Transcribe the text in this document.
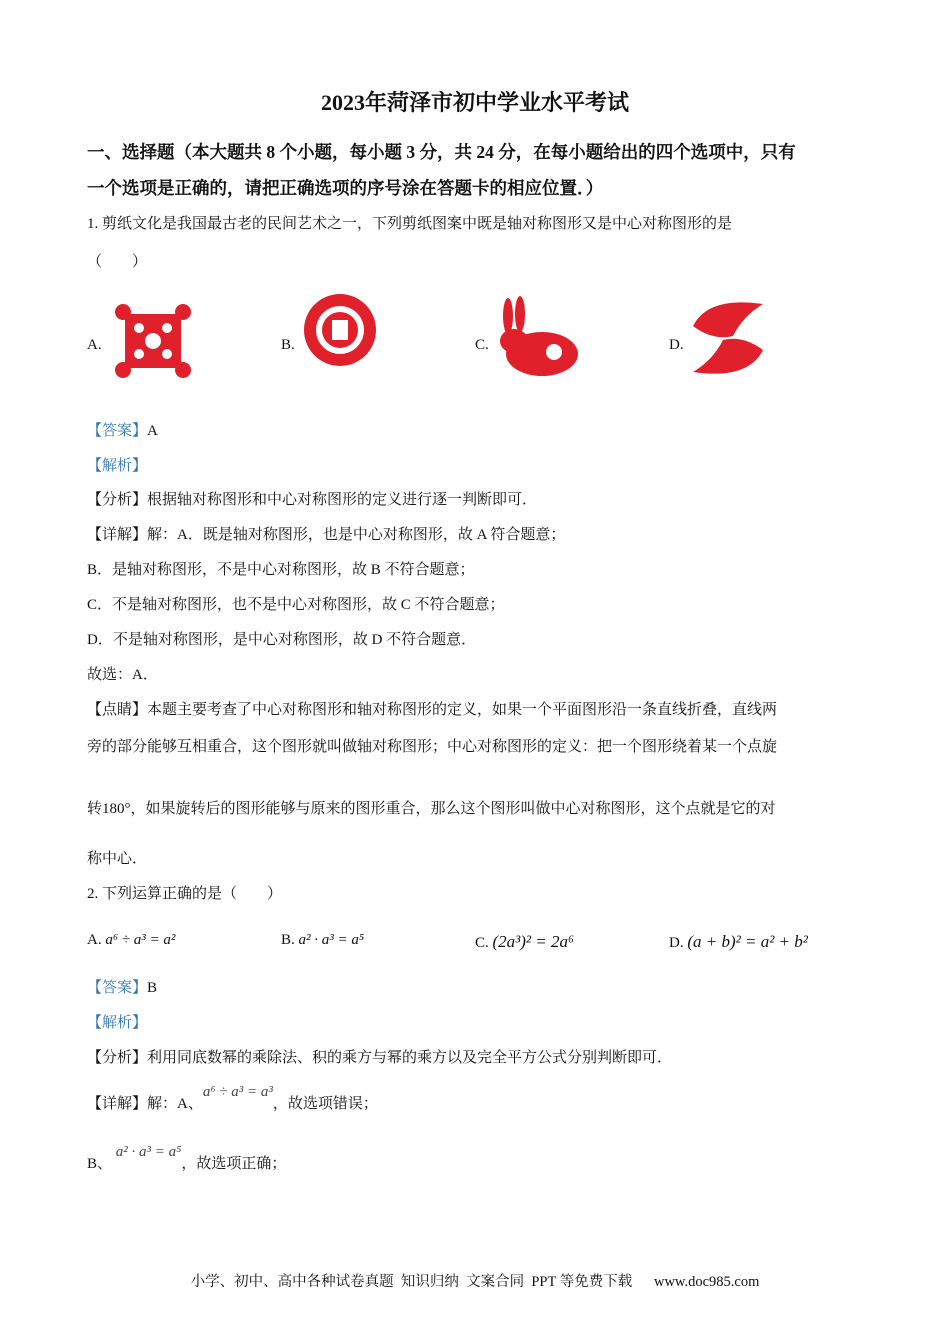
2023年菏泽市初中学业水平考试
一、选择题（本大题共 8 个小题，每小题 3 分，共 24 分，在每小题给出的四个选项中，只有
一个选项是正确的，请把正确选项的序号涂在答题卡的相应位置．）
1. 剪纸文化是我国最古老的民间艺术之一，下列剪纸图案中既是轴对称图形又是中心对称图形的是
（　　）
A.	B.	C.	D.
【答案】A
【解析】
【分析】根据轴对称图形和中心对称图形的定义进行逐一判断即可．
【详解】解：A．既是轴对称图形，也是中心对称图形，故 A 符合题意；
B．是轴对称图形，不是中心对称图形，故 B 不符合题意；
C．不是轴对称图形，也不是中心对称图形，故 C 不符合题意；
D．不是轴对称图形，是中心对称图形，故 D 不符合题意．
故选：A．
【点睛】本题主要考查了中心对称图形和轴对称图形的定义，如果一个平面图形沿一条直线折叠，直线两
旁的部分能够互相重合，这个图形就叫做轴对称图形；中心对称图形的定义：把一个图形绕着某一个点旋
转180°，如果旋转后的图形能够与原来的图形重合，那么这个图形叫做中心对称图形，这个点就是它的对
称中心．
2. 下列运算正确的是（　　）
A. a⁶ ÷ a³ = a²	B. a² · a³ = a⁵	C. (2a³)² = 2a⁶	D. (a + b)² = a² + b²
【答案】B
【解析】
【分析】利用同底数幂的乘除法、积的乘方与幂的乘方以及完全平方公式分别判断即可．
【详解】解：A、a⁶ ÷ a³ = a³，故选项错误；
B、 a² · a³ = a⁵，故选项正确；
小学、初中、高中各种试卷真题  知识归纳  文案合同  PPT 等免费下载      www.doc985.com
